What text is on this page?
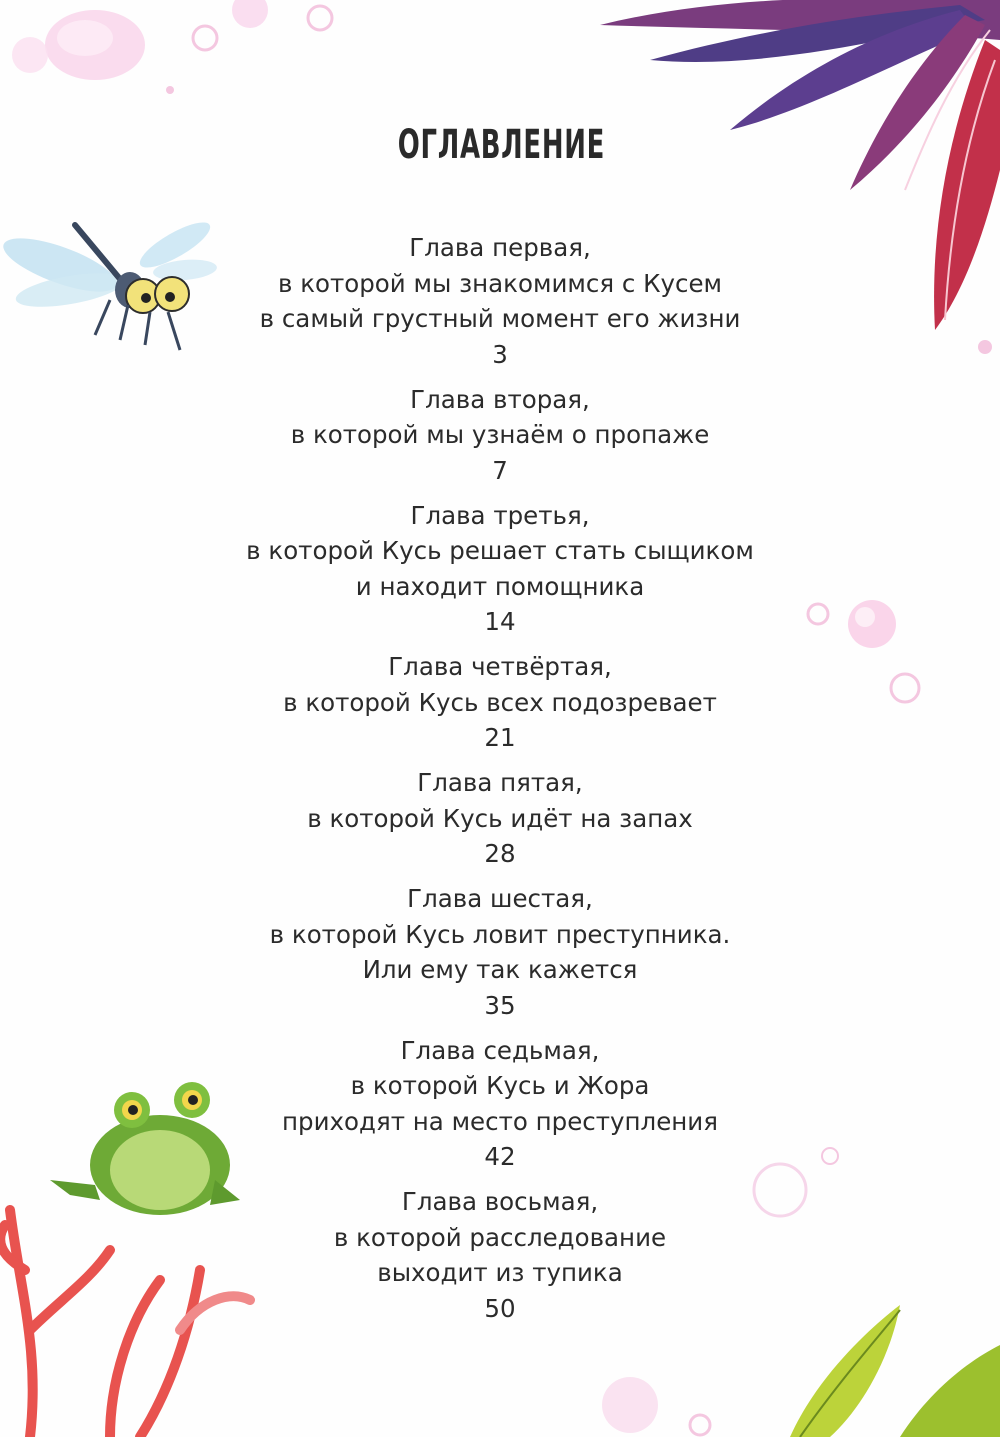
ОГЛАВЛЕНИЕ
Глава первая,
в которой мы знакомимся с Кусем
в самый грустный момент его жизни
3
Глава вторая,
в которой мы узнаём о пропаже
7
Глава третья,
в которой Кусь решает стать сыщиком
и находит помощника
14
Глава четвёртая,
в которой Кусь всех подозревает
21
Глава пятая,
в которой Кусь идёт на запах
28
Глава шестая,
в которой Кусь ловит преступника.
Или ему так кажется
35
Глава седьмая,
в которой Кусь и Жора
приходят на место преступления
42
Глава восьмая,
в которой расследование
выходит из тупика
50
